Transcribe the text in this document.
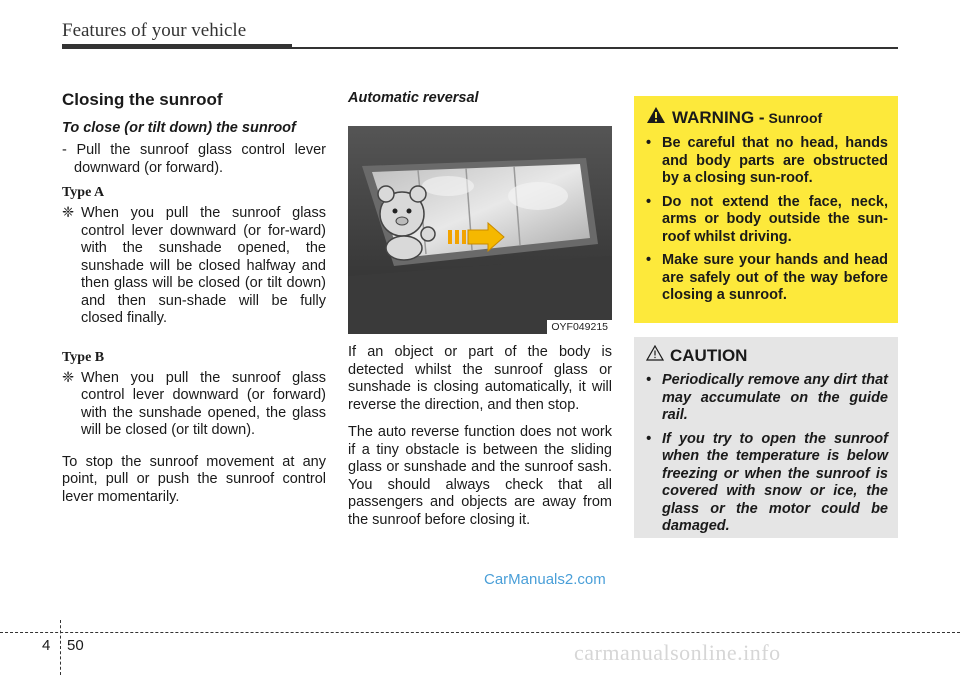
Features of your vehicle
Closing the sunroof
To close (or tilt down) the sunroof
- Pull the sunroof glass control lever downward (or forward).
Type A
❈ When you pull the sunroof glass control lever downward (or for-ward) with the sunshade opened, the sunshade will be closed halfway and then glass will be closed (or tilt down) and then sun-shade will be fully closed finally.
Type B
❈ When you pull the sunroof glass control lever downward (or forward) with the sunshade opened, the glass will be closed (or tilt down).
To stop the sunroof movement at any point, pull or push the sunroof control lever momentarily.
Automatic reversal
OYF049215
If an object or part of the body is detected whilst the sunroof glass or sunshade is closing automatically, it will reverse the direction, and then stop.
The auto reverse function does not work if a tiny obstacle is between the sliding glass or sunshade and the sunroof sash. You should always check that all passengers and objects are away from the sunroof before closing it.
WARNING - Sunroof
• Be careful that no head, hands and body parts are obstructed by a closing sun-roof.
• Do not extend the face, neck, arms or body outside the sun-roof whilst driving.
• Make sure your hands and head are safely out of the way before closing a sunroof.
CAUTION
• Periodically remove any dirt that may accumulate on the guide rail.
• If you try to open the sunroof when the temperature is below freezing or when the sunroof is covered with snow or ice, the glass or the motor could be damaged.
CarManuals2.com
4 50	carmanualsonline.info
